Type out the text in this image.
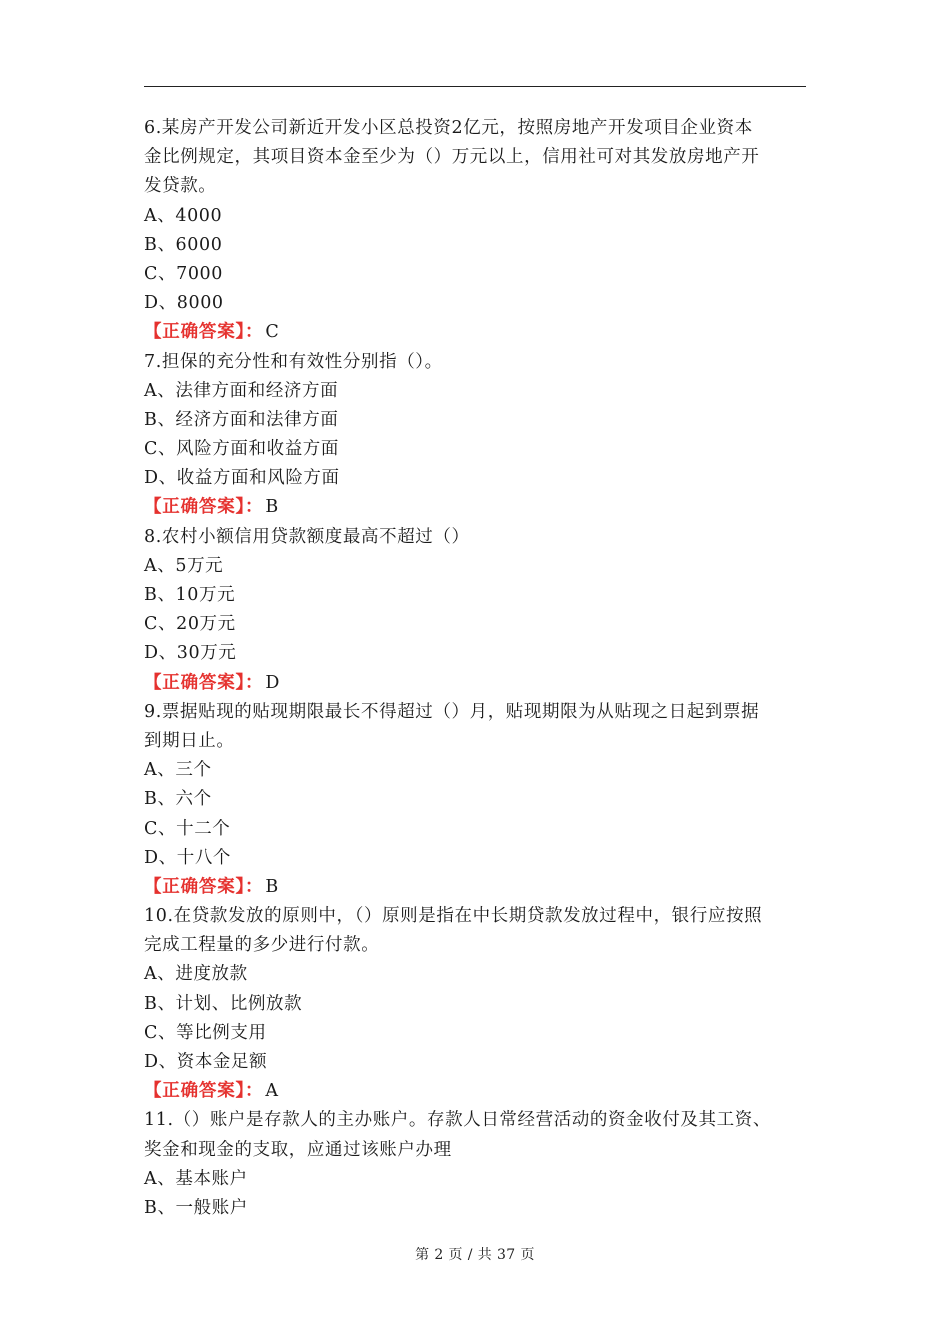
6.某房产开发公司新近开发小区总投资2亿元，按照房地产开发项目企业资本
金比例规定，其项目资本金至少为（）万元以上，信用社可对其发放房地产开
发贷款。
A、4000
B、6000
C、7000
D、8000
【正确答案】： C
7.担保的充分性和有效性分别指（）。
A、法律方面和经济方面
B、经济方面和法律方面
C、风险方面和收益方面
D、收益方面和风险方面
【正确答案】： B
8.农村小额信用贷款额度最高不超过（）
A、5万元
B、10万元
C、20万元
D、30万元
【正确答案】： D
9.票据贴现的贴现期限最长不得超过（）月，贴现期限为从贴现之日起到票据
到期日止。
A、三个
B、六个
C、十二个
D、十八个
【正确答案】： B
10.在贷款发放的原则中，（）原则是指在中长期贷款发放过程中，银行应按照
完成工程量的多少进行付款。
A、进度放款
B、计划、比例放款
C、等比例支用
D、资本金足额
【正确答案】： A
11.（）账户是存款人的主办账户。存款人日常经营活动的资金收付及其工资、
奖金和现金的支取，应通过该账户办理
A、基本账户
B、一般账户
第 2 页 / 共 37 页
